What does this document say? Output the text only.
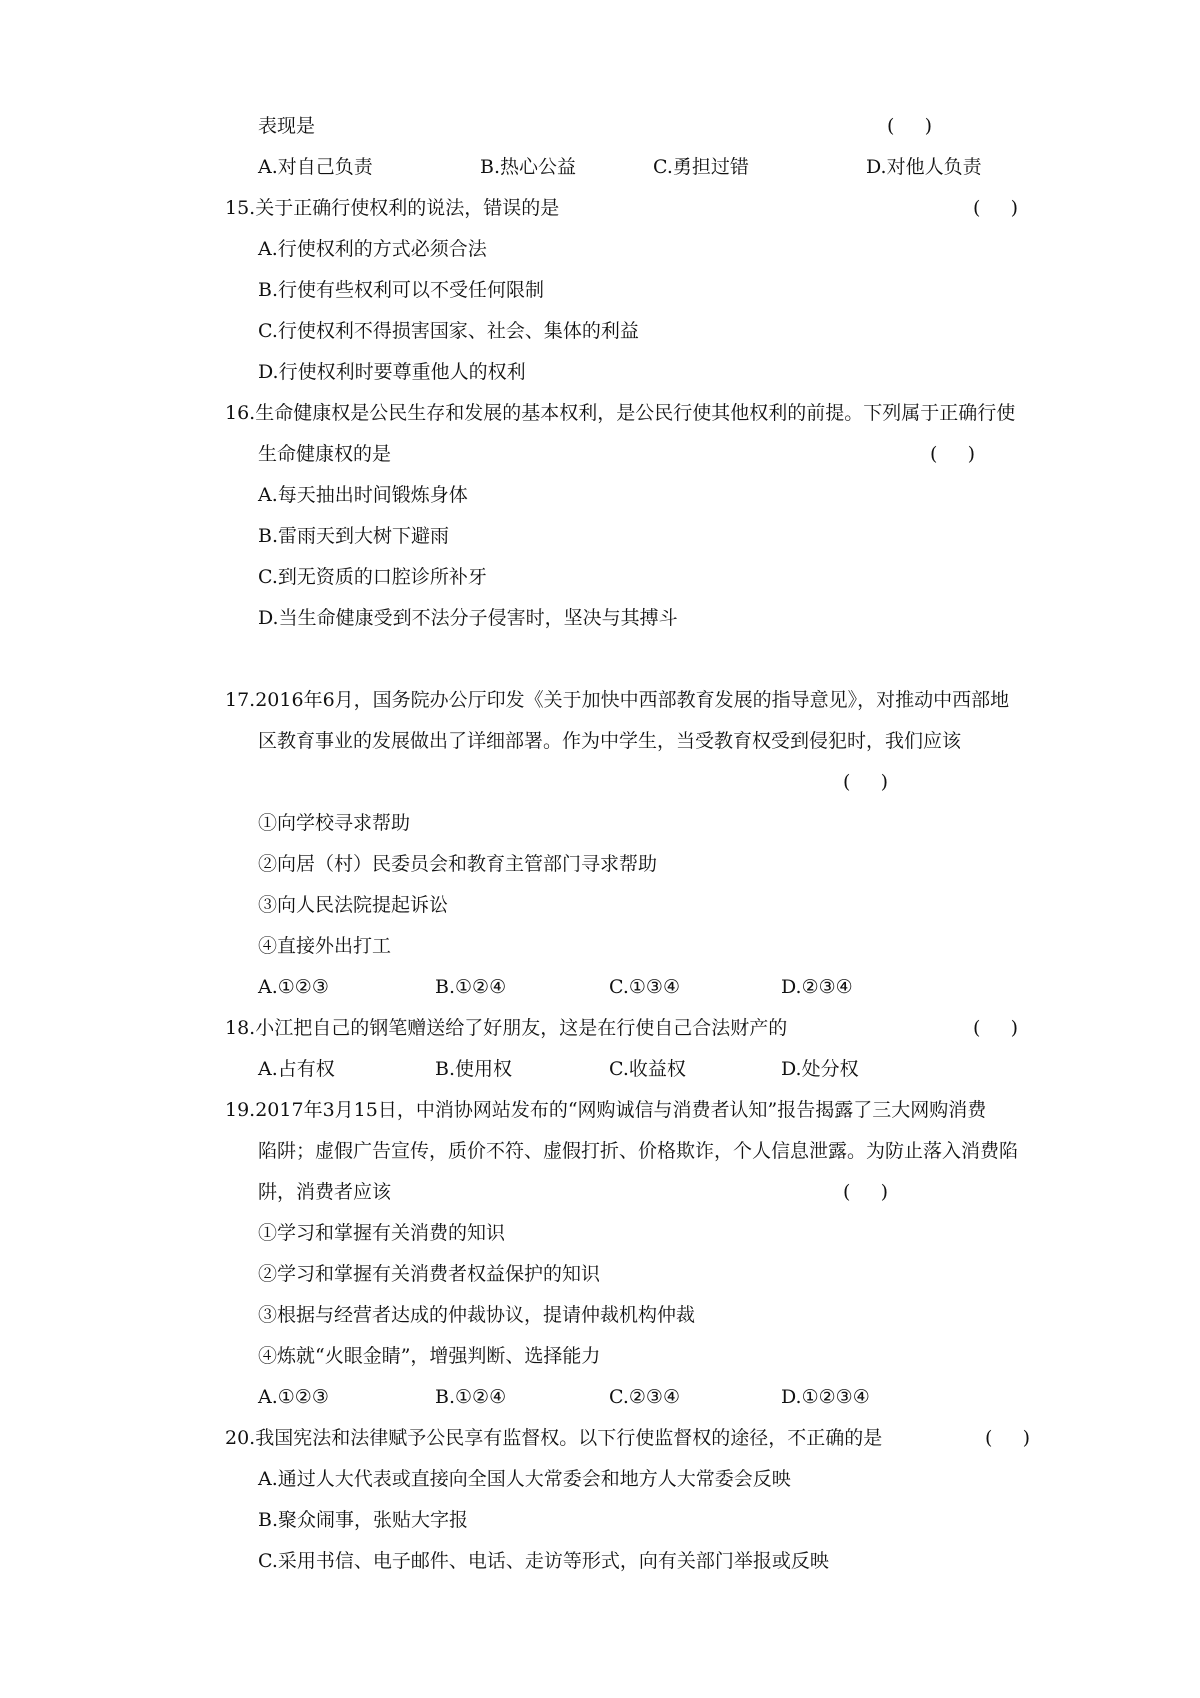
表现是	(     )
A.对自己负责	B.热心公益	C.勇担过错	D.对他人负责
15.关于正确行使权利的说法，错误的是	(     )
A.行使权利的方式必须合法
B.行使有些权利可以不受任何限制
C.行使权利不得损害国家、社会、集体的利益
D.行使权利时要尊重他人的权利
16.生命健康权是公民生存和发展的基本权利，是公民行使其他权利的前提。下列属于正确行使
生命健康权的是	(     )
A.每天抽出时间锻炼身体
B.雷雨天到大树下避雨
C.到无资质的口腔诊所补牙
D.当生命健康受到不法分子侵害时，坚决与其搏斗
17.2016年6月，国务院办公厅印发《关于加快中西部教育发展的指导意见》，对推动中西部地
区教育事业的发展做出了详细部署。作为中学生，当受教育权受到侵犯时，我们应该
(     )
①向学校寻求帮助
②向居（村）民委员会和教育主管部门寻求帮助
③向人民法院提起诉讼
④直接外出打工
A.①②③	B.①②④	C.①③④	D.②③④
18.小江把自己的钢笔赠送给了好朋友，这是在行使自己合法财产的	(     )
A.占有权	B.使用权	C.收益权	D.处分权
19.2017年3月15日，中消协网站发布的“网购诚信与消费者认知”报告揭露了三大网购消费
陷阱；虚假广告宣传，质价不符、虚假打折、价格欺诈，个人信息泄露。为防止落入消费陷
阱，消费者应该	(     )
①学习和掌握有关消费的知识
②学习和掌握有关消费者权益保护的知识
③根据与经营者达成的仲裁协议，提请仲裁机构仲裁
④炼就“火眼金睛”，增强判断、选择能力
A.①②③	B.①②④	C.②③④	D.①②③④
20.我国宪法和法律赋予公民享有监督权。以下行使监督权的途径，不正确的是	(     )
A.通过人大代表或直接向全国人大常委会和地方人大常委会反映
B.聚众闹事，张贴大字报
C.采用书信、电子邮件、电话、走访等形式，向有关部门举报或反映
